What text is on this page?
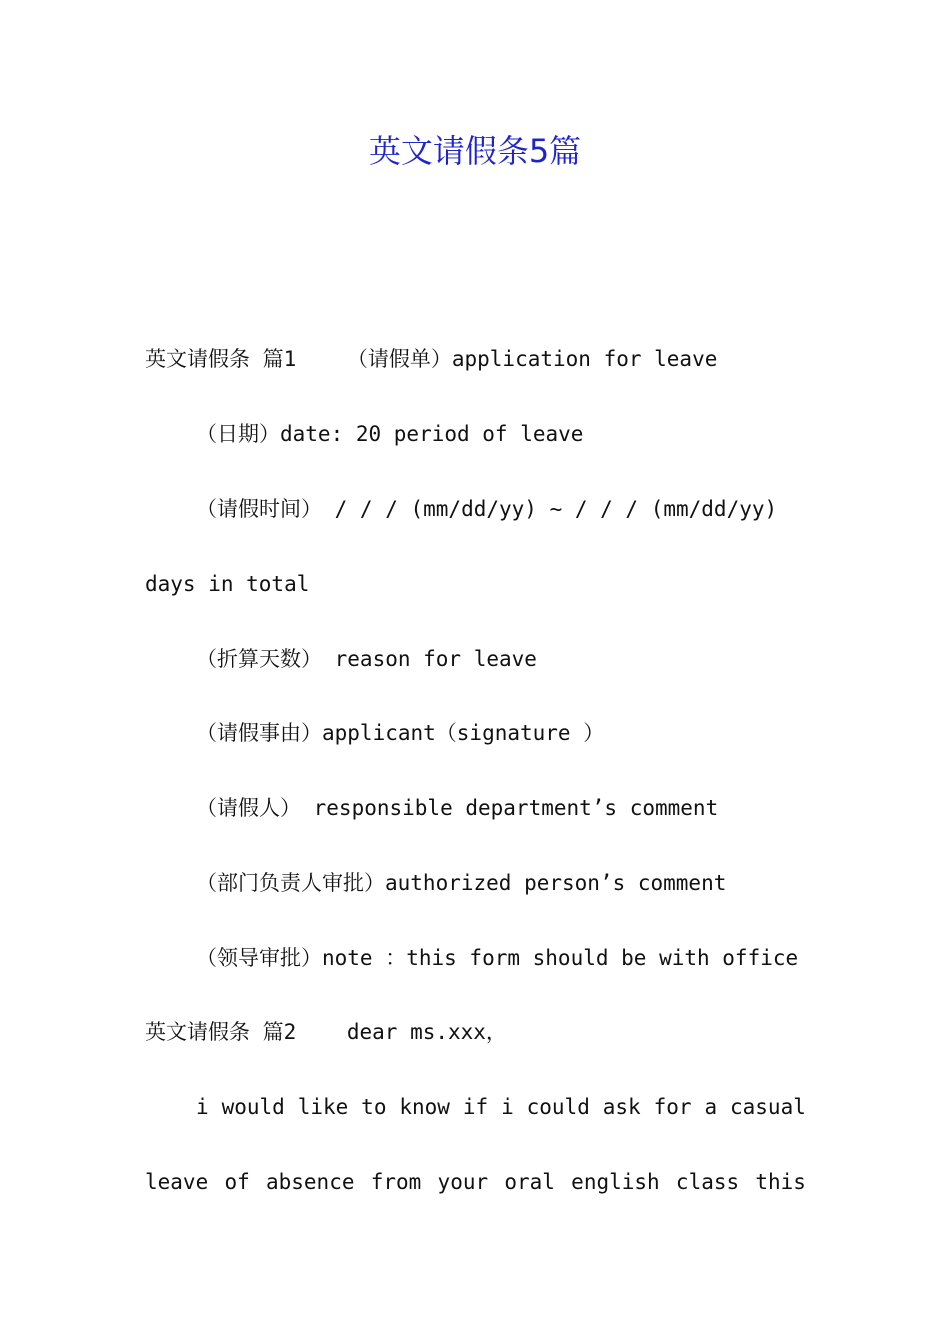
英文请假条5篇

英文请假条 篇1    （请假单）application for leave

（日期）date: 20 period of leave

（请假时间） / / / (mm/dd/yy) ~ / / / (mm/dd/yy)

days in total

（折算天数） reason for leave

（请假事由）applicant（signature ）

（请假人） responsible department’s comment

（部门负责人审批）authorized person’s comment

（领导审批）note ：this form should be with office

英文请假条 篇2    dear ms.xxx，

i would like to know if i could ask for a casual

leave of absence from your oral english class this
